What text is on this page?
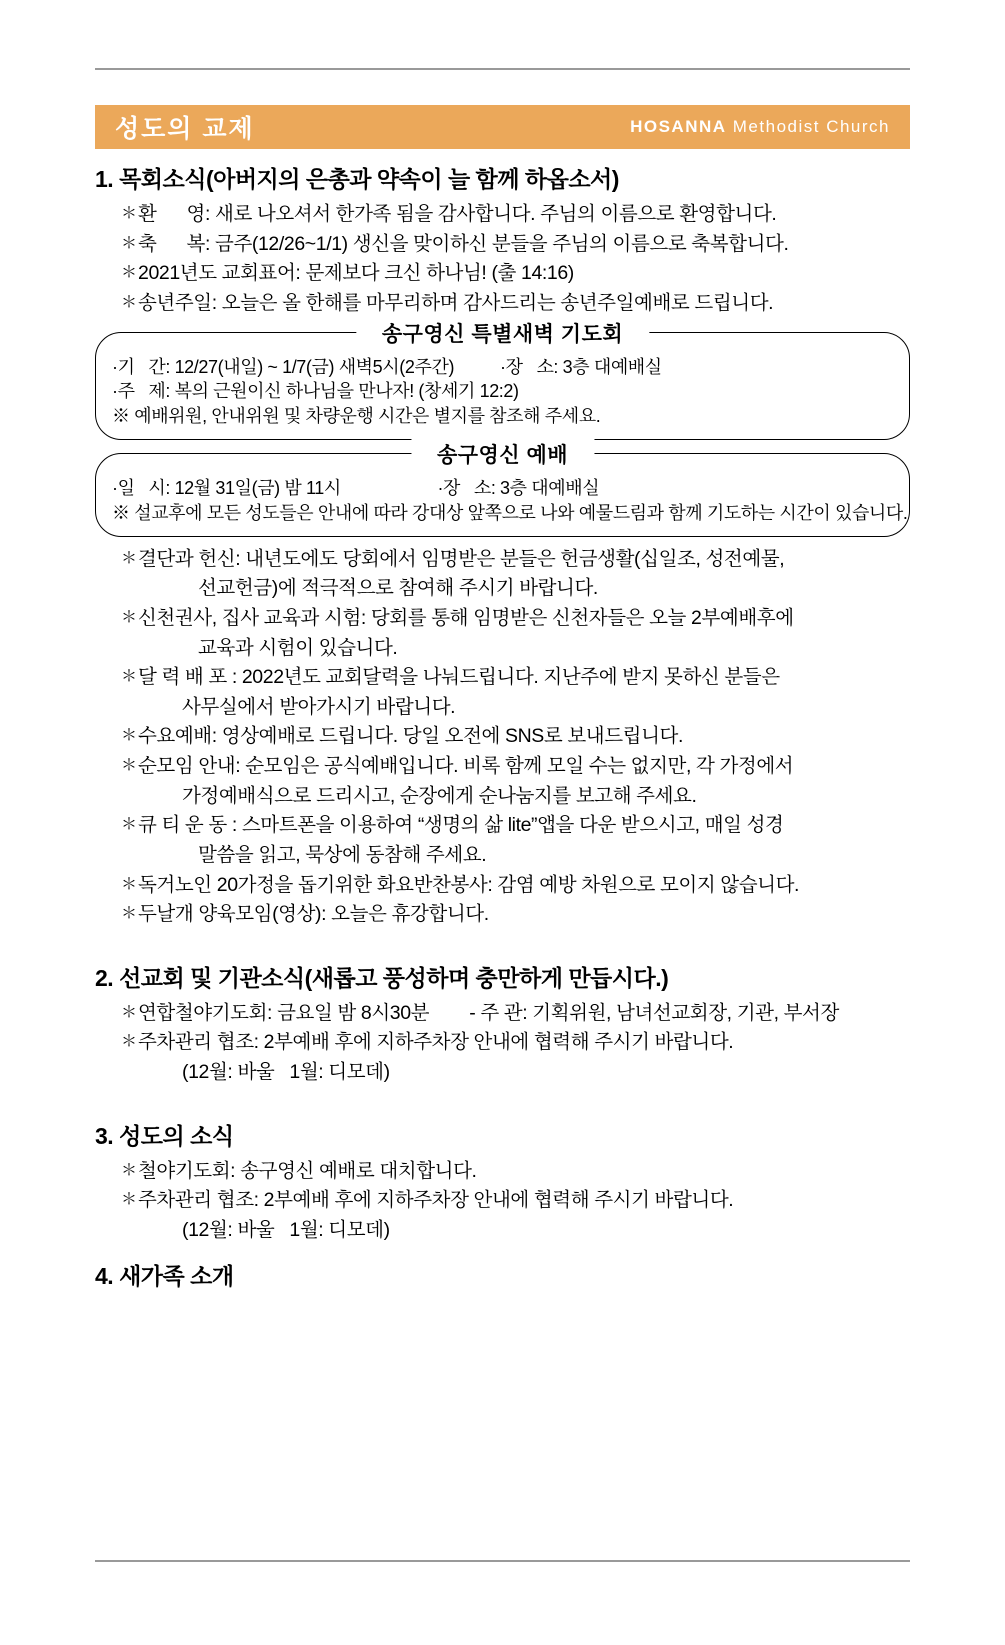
성도의 교제	HOSANNA Methodist Church
1. 목회소식(아버지의 은총과 약속이 늘 함께 하옵소서)
＊ 환      영: 새로 나오셔서 한가족 됨을 감사합니다. 주님의 이름으로 환영합니다.
＊ 축      복: 금주(12/26~1/1) 생신을 맞이하신 분들을 주님의 이름으로 축복합니다.
＊ 2021년도 교회표어: 문제보다 크신 하나님! (출 14:16)
＊ 송년주일: 오늘은 올 한해를 마무리하며 감사드리는 송년주일예배로 드립니다.
송구영신 특별새벽 기도회
·기   간: 12/27(내일) ~ 1/7(금) 새벽5시(2주간)          ·장   소: 3층 대예배실
·주   제: 복의 근원이신 하나님을 만나자! (창세기 12:2)
※ 예배위원, 안내위원 및 차량운행 시간은 별지를 참조해 주세요.
송구영신 예배
·일   시: 12월 31일(금) 밤 11시                     ·장   소: 3층 대예배실
※ 설교후에 모든 성도들은 안내에 따라 강대상 앞쪽으로 나와 예물드림과 함께 기도하는 시간이 있습니다.
＊ 결단과 헌신: 내년도에도 당회에서 임명받은 분들은 헌금생활(십일조, 성전예물,
선교헌금)에 적극적으로 참여해 주시기 바랍니다.
＊ 신천권사, 집사 교육과 시험: 당회를 통해 임명받은 신천자들은 오늘 2부예배후에
교육과 시험이 있습니다.
＊ 달 력 배 포 : 2022년도 교회달력을 나눠드립니다. 지난주에 받지 못하신 분들은
사무실에서 받아가시기 바랍니다.
＊ 수요예배: 영상예배로 드립니다. 당일 오전에 SNS로 보내드립니다.
＊ 순모임 안내: 순모임은 공식예배입니다. 비록 함께 모일 수는 없지만, 각 가정에서
가정예배식으로 드리시고, 순장에게 순나눔지를 보고해 주세요.
＊ 큐 티 운 동 : 스마트폰을 이용하여 “생명의 삶 lite”앱을 다운 받으시고, 매일 성경
말씀을 읽고, 묵상에 동참해 주세요.
＊ 독거노인 20가정을 돕기위한 화요반찬봉사: 감염 예방 차원으로 모이지 않습니다.
＊ 두날개 양육모임(영상): 오늘은 휴강합니다.
2. 선교회 및 기관소식(새롭고 풍성하며 충만하게 만듭시다.)
＊ 연합철야기도회: 금요일 밤 8시30분        - 주 관: 기획위원, 남녀선교회장, 기관, 부서장
＊ 주차관리 협조: 2부예배 후에 지하주차장 안내에 협력해 주시기 바랍니다.
(12월: 바울   1월: 디모데)
3. 성도의 소식
＊ 철야기도회: 송구영신 예배로 대치합니다.
＊ 주차관리 협조: 2부예배 후에 지하주차장 안내에 협력해 주시기 바랍니다.
(12월: 바울   1월: 디모데)
4. 새가족 소개
